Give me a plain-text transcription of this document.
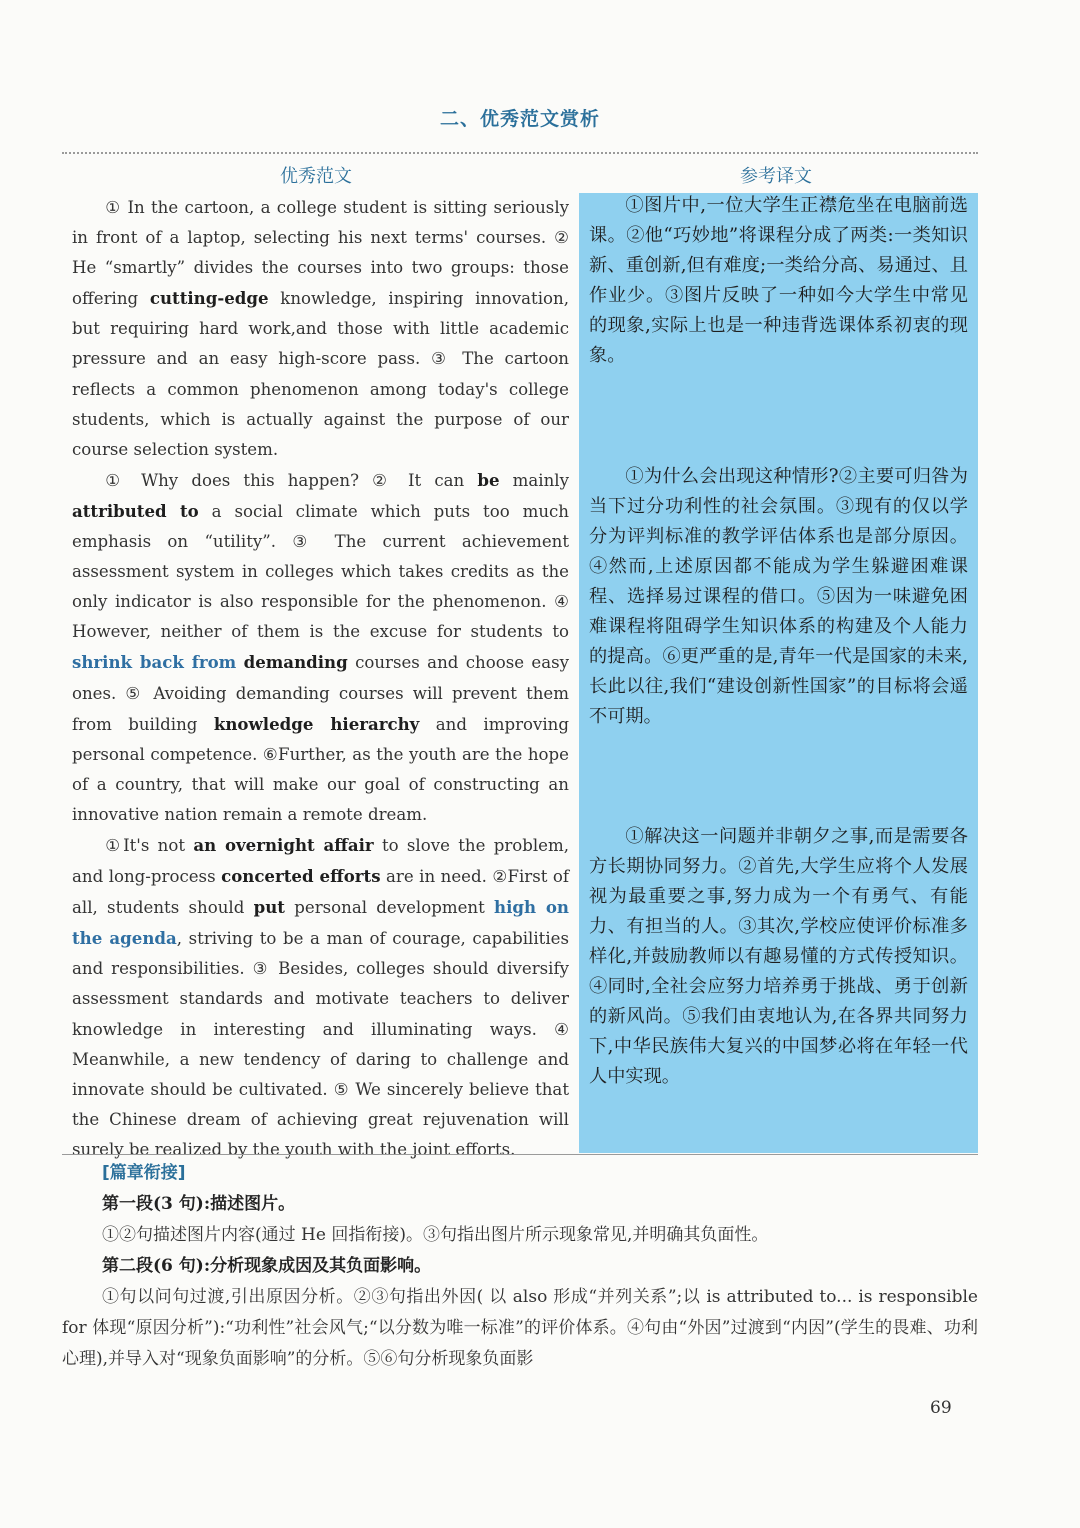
二、优秀范文赏析
优秀范文	参考译文

① In the cartoon, a college student is sitting seriously in front of a laptop, selecting his next terms' courses. ② He “smartly” divides the courses into two groups: those offering cutting-edge knowledge, inspiring innovation, but requiring hard work,and those with little academic pressure and an easy high-score pass. ③ The cartoon reflects a common phenomenon among today's college students, which is actually against the purpose of our course selection system.

① Why does this happen? ② It can be mainly attributed to a social climate which puts too much emphasis on “utility”. ③ The current achievement assessment system in colleges which takes credits as the only indicator is also responsible for the phenomenon. ④ However, neither of them is the excuse for students to shrink back from demanding courses and choose easy ones. ⑤ Avoiding demanding courses will prevent them from building knowledge hierarchy and improving personal competence. ⑥Further, as the youth are the hope of a country, that will make our goal of constructing an innovative nation remain a remote dream.

①It's not an overnight affair to slove the problem, and long-process concerted efforts are in need. ②First of all, students should put personal development high on the agenda, striving to be a man of courage, capabilities and responsibilities. ③ Besides, colleges should diversify assessment standards and motivate teachers to deliver knowledge in interesting and illuminating ways. ④ Meanwhile, a new tendency of daring to challenge and innovate should be cultivated. ⑤ We sincerely believe that the Chinese dream of achieving great rejuvenation will surely be realized by the youth with the joint efforts.

①图片中,一位大学生正襟危坐在电脑前选课。②他“巧妙地”将课程分成了两类:一类知识新、重创新,但有难度;一类给分高、易通过、且作业少。③图片反映了一种如今大学生中常见的现象,实际上也是一种违背选课体系初衷的现象。

①为什么会出现这种情形?②主要可归咎为当下过分功利性的社会氛围。③现有的仅以学分为评判标准的教学评估体系也是部分原因。④然而,上述原因都不能成为学生躲避困难课程、选择易过课程的借口。⑤因为一味避免困难课程将阻碍学生知识体系的构建及个人能力的提高。⑥更严重的是,青年一代是国家的未来,长此以往,我们“建设创新性国家”的目标将会遥不可期。

①解决这一问题并非朝夕之事,而是需要各方长期协同努力。②首先,大学生应将个人发展视为最重要之事,努力成为一个有勇气、有能力、有担当的人。③其次,学校应使评价标准多样化,并鼓励教师以有趣易懂的方式传授知识。④同时,全社会应努力培养勇于挑战、勇于创新的新风尚。⑤我们由衷地认为,在各界共同努力下,中华民族伟大复兴的中国梦必将在年轻一代人中实现。

[篇章衔接]
第一段(3 句):描述图片。
①②句描述图片内容(通过 He 回指衔接)。③句指出图片所示现象常见,并明确其负面性。
第二段(6 句):分析现象成因及其负面影响。
①句以问句过渡,引出原因分析。②③句指出外因( 以 also 形成“并列关系”;以 is attributed to... is responsible for 体现“原因分析”):“功利性”社会风气;“以分数为唯一标准”的评价体系。④句由“外因”过渡到“内因”(学生的畏难、功利心理),并导入对“现象负面影响”的分析。⑤⑥句分析现象负面影
69
